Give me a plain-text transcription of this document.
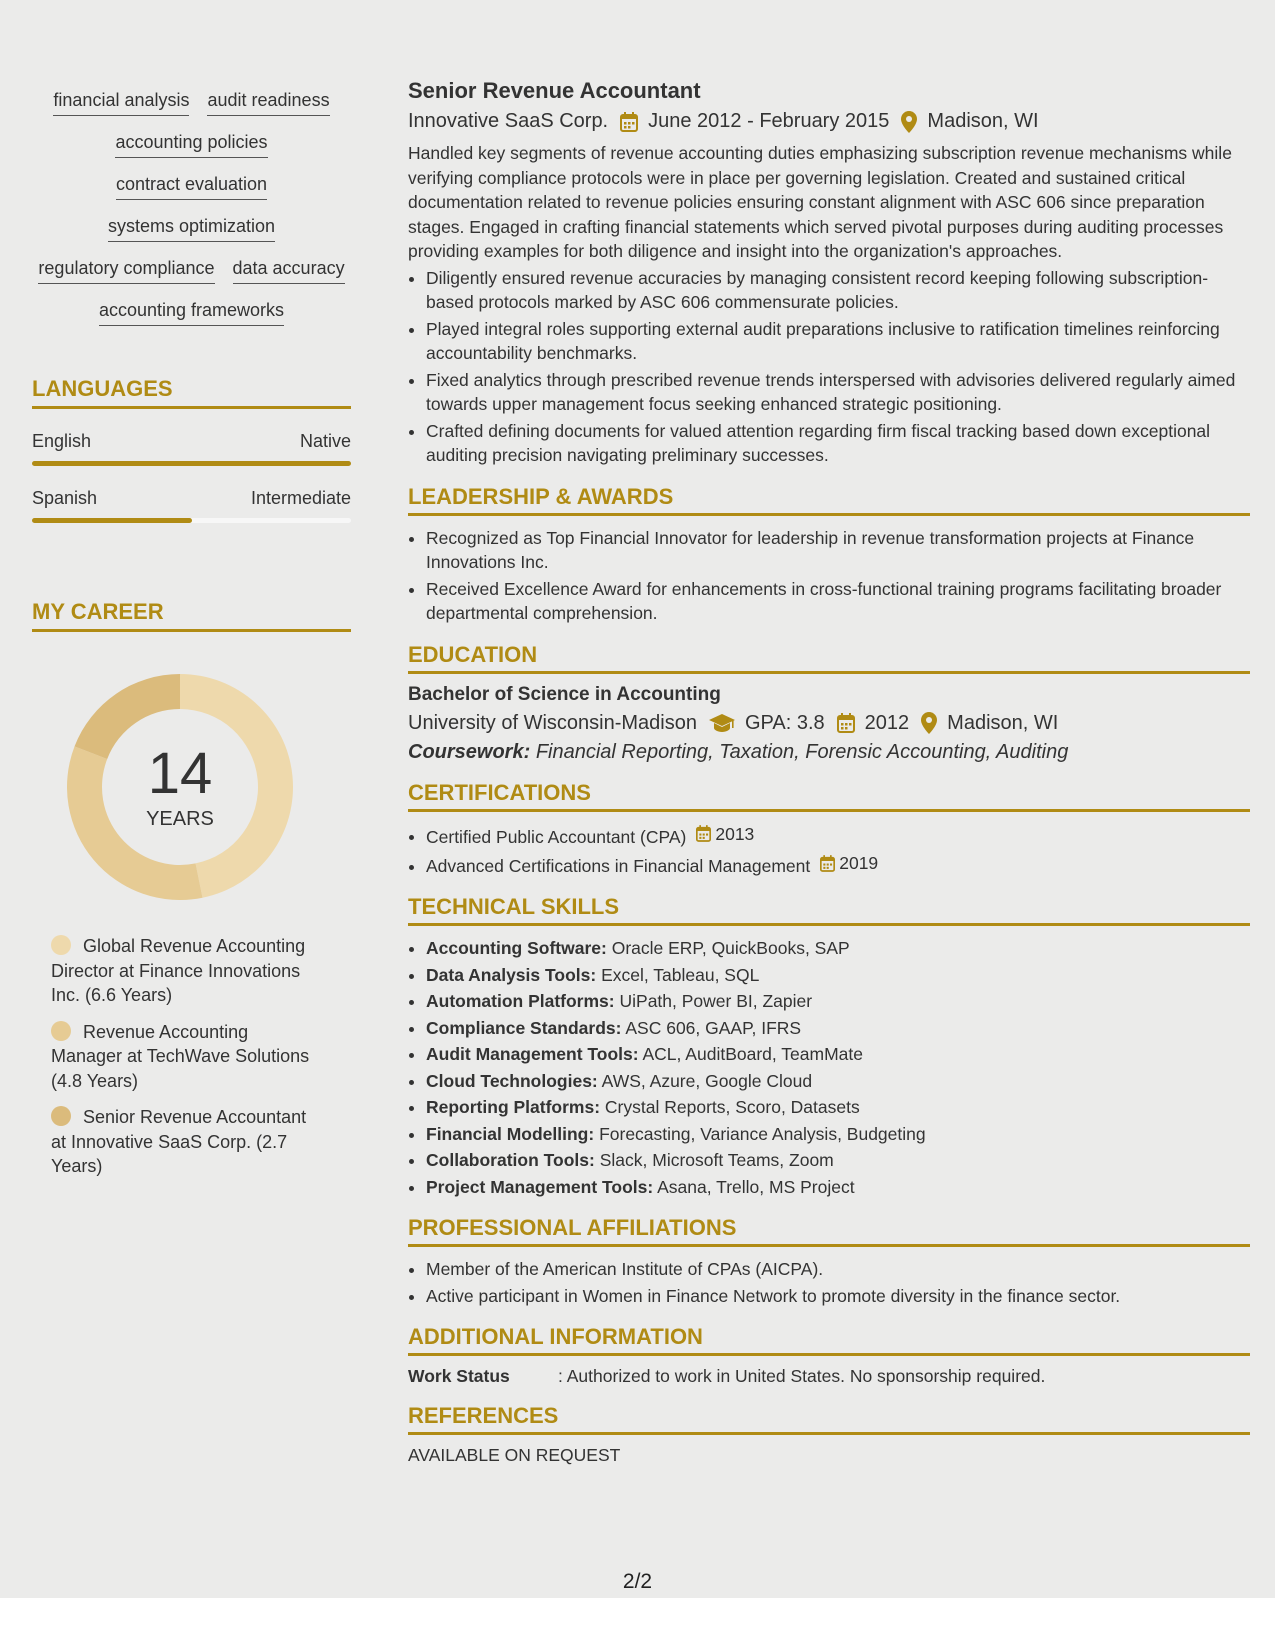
financial analysis audit readiness
accounting policies
contract evaluation
systems optimization
regulatory compliance data accuracy
accounting frameworks
LANGUAGES
English	Native
Spanish	Intermediate
MY CAREER
14
YEARS
Global Revenue Accounting Director at Finance Innovations Inc. (6.6 Years)
Revenue Accounting Manager at TechWave Solutions (4.8 Years)
Senior Revenue Accountant at Innovative SaaS Corp. (2.7 Years)
Senior Revenue Accountant
Innovative SaaS Corp. June 2012 - February 2015 Madison, WI
Handled key segments of revenue accounting duties emphasizing subscription revenue mechanisms while verifying compliance protocols were in place per governing legislation. Created and sustained critical documentation related to revenue policies ensuring constant alignment with ASC 606 since preparation stages. Engaged in crafting financial statements which served pivotal purposes during auditing processes providing examples for both diligence and insight into the organization's approaches.
• Diligently ensured revenue accuracies by managing consistent record keeping following subscription-based protocols marked by ASC 606 commensurate policies.
• Played integral roles supporting external audit preparations inclusive to ratification timelines reinforcing accountability benchmarks.
• Fixed analytics through prescribed revenue trends interspersed with advisories delivered regularly aimed towards upper management focus seeking enhanced strategic positioning.
• Crafted defining documents for valued attention regarding firm fiscal tracking based down exceptional auditing precision navigating preliminary successes.
LEADERSHIP & AWARDS
• Recognized as Top Financial Innovator for leadership in revenue transformation projects at Finance Innovations Inc.
• Received Excellence Award for enhancements in cross-functional training programs facilitating broader departmental comprehension.
EDUCATION
Bachelor of Science in Accounting
University of Wisconsin-Madison GPA: 3.8 2012 Madison, WI
Coursework: Financial Reporting, Taxation, Forensic Accounting, Auditing
CERTIFICATIONS
• Certified Public Accountant (CPA) 2013
• Advanced Certifications in Financial Management 2019
TECHNICAL SKILLS
• Accounting Software: Oracle ERP, QuickBooks, SAP
• Data Analysis Tools: Excel, Tableau, SQL
• Automation Platforms: UiPath, Power BI, Zapier
• Compliance Standards: ASC 606, GAAP, IFRS
• Audit Management Tools: ACL, AuditBoard, TeamMate
• Cloud Technologies: AWS, Azure, Google Cloud
• Reporting Platforms: Crystal Reports, Scoro, Datasets
• Financial Modelling: Forecasting, Variance Analysis, Budgeting
• Collaboration Tools: Slack, Microsoft Teams, Zoom
• Project Management Tools: Asana, Trello, MS Project
PROFESSIONAL AFFILIATIONS
• Member of the American Institute of CPAs (AICPA).
• Active participant in Women in Finance Network to promote diversity in the finance sector.
ADDITIONAL INFORMATION
Work Status	: Authorized to work in United States. No sponsorship required.
REFERENCES
AVAILABLE ON REQUEST
2/2
